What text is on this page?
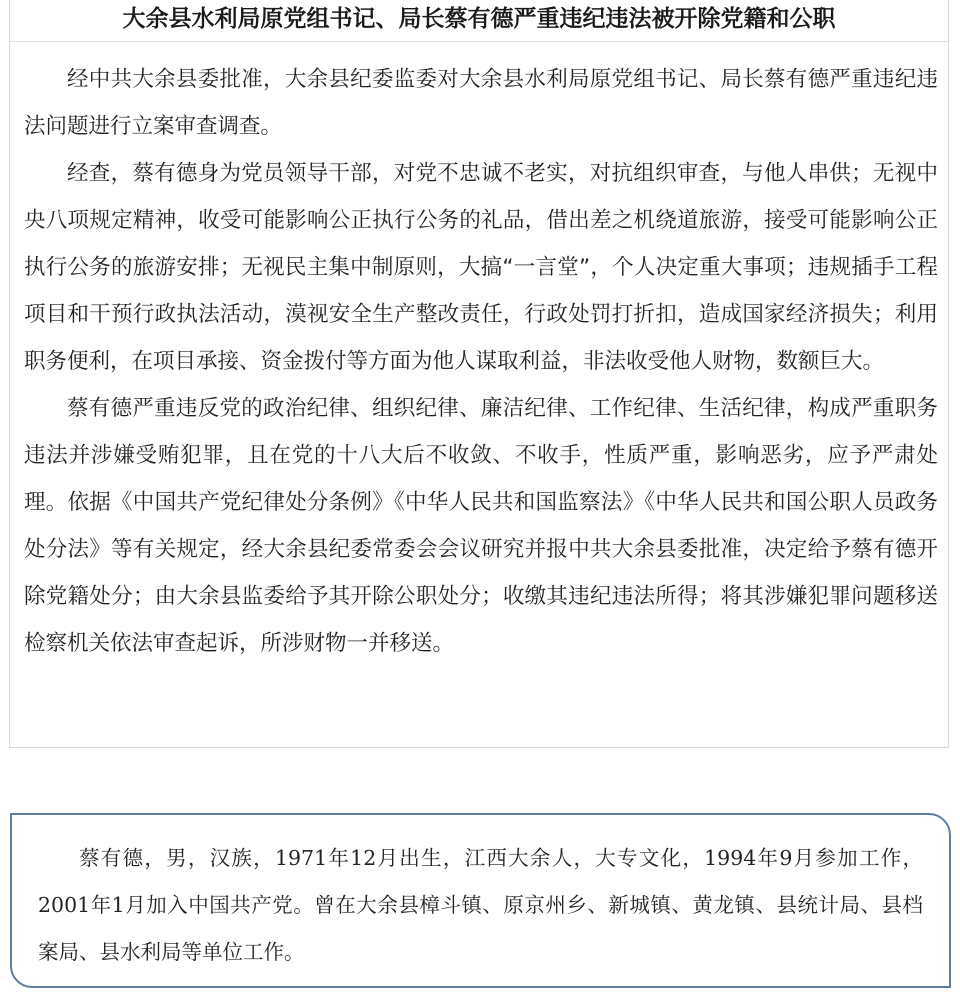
大余县水利局原党组书记、局长蔡有德严重违纪违法被开除党籍和公职

经中共大余县委批准，大余县纪委监委对大余县水利局原党组书记、局长蔡有德严重违纪违法问题进行立案审查调查。

经查，蔡有德身为党员领导干部，对党不忠诚不老实，对抗组织审查，与他人串供；无视中央八项规定精神，收受可能影响公正执行公务的礼品，借出差之机绕道旅游，接受可能影响公正执行公务的旅游安排；无视民主集中制原则，大搞“一言堂”，个人决定重大事项；违规插手工程项目和干预行政执法活动，漠视安全生产整改责任，行政处罚打折扣，造成国家经济损失；利用职务便利，在项目承接、资金拨付等方面为他人谋取利益，非法收受他人财物，数额巨大。

蔡有德严重违反党的政治纪律、组织纪律、廉洁纪律、工作纪律、生活纪律，构成严重职务违法并涉嫌受贿犯罪，且在党的十八大后不收敛、不收手，性质严重，影响恶劣，应予严肃处理。依据《中国共产党纪律处分条例》《中华人民共和国监察法》《中华人民共和国公职人员政务处分法》等有关规定，经大余县纪委常委会会议研究并报中共大余县委批准，决定给予蔡有德开除党籍处分；由大余县监委给予其开除公职处分；收缴其违纪违法所得；将其涉嫌犯罪问题移送检察机关依法审查起诉，所涉财物一并移送。

蔡有德，男，汉族，1971年12月出生，江西大余人，大专文化，1994年9月参加工作，2001年1月加入中国共产党。曾在大余县樟斗镇、原京州乡、新城镇、黄龙镇、县统计局、县档案局、县水利局等单位工作。
